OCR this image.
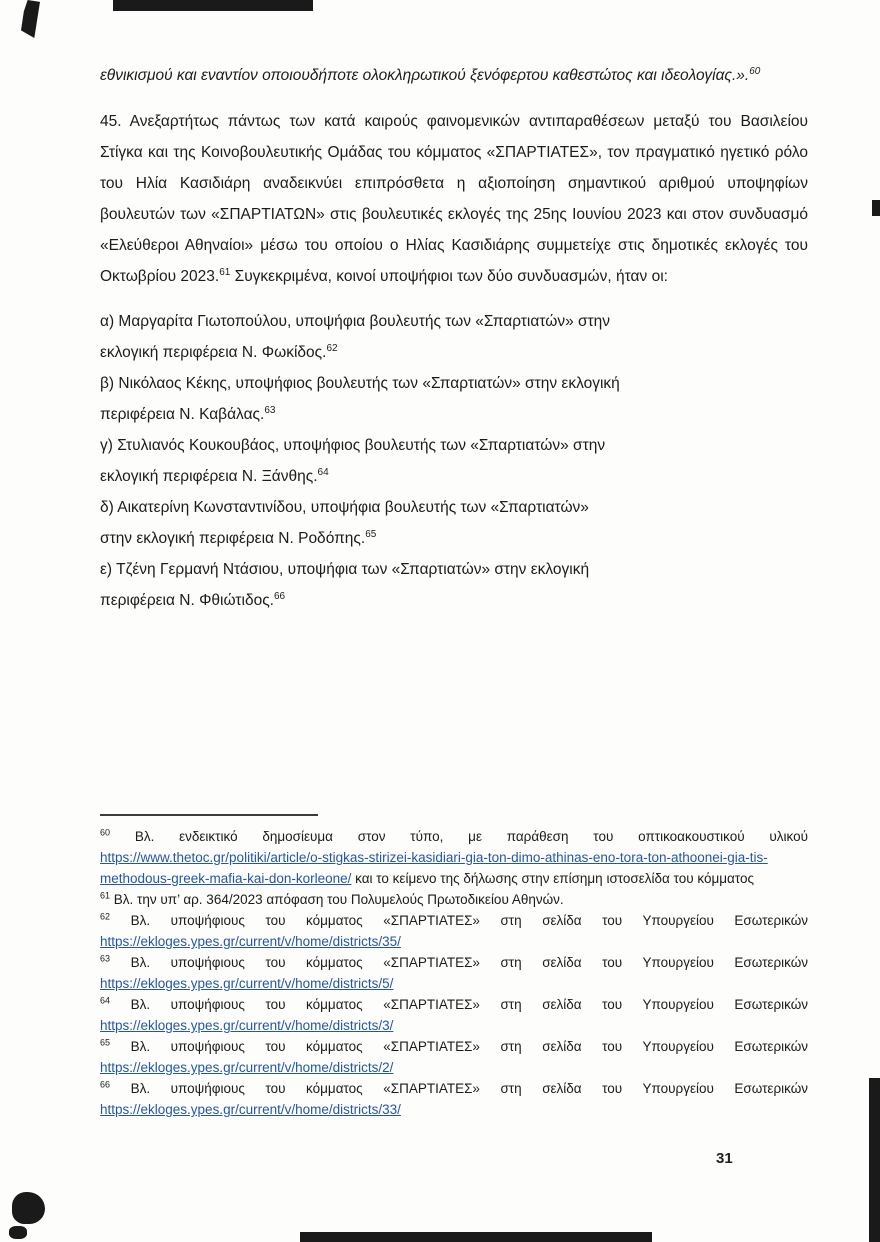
εθνικισμού και εναντίον οποιουδήποτε ολοκληρωτικού ξενόφερτου καθεστώτος και ιδεολογίας.».$^{60}$

45. Ανεξαρτήτως πάντως των κατά καιρούς φαινομενικών αντιπαραθέσεων μεταξύ του Βασιλείου Στίγκα και της Κοινοβουλευτικής Ομάδας του κόμματος «ΣΠΑΡΤΙΑΤΕΣ», τον πραγματικό ηγετικό ρόλο του Ηλία Κασιδιάρη αναδεικνύει επιπρόσθετα η αξιοποίηση σημαντικού αριθμού υποψηφίων βουλευτών των «ΣΠΑΡΤΙΑΤΩΝ» στις βουλευτικές εκλογές της 25ης Ιουνίου 2023 και στον συνδυασμό «Ελεύθεροι Αθηναίοι» μέσω του οποίου ο Ηλίας Κασιδιάρης συμμετείχε στις δημοτικές εκλογές του Οκτωβρίου 2023.61 Συγκεκριμένα, κοινοί υποψήφιοι των δύο συνδυασμών, ήταν οι:

α) Μαργαρίτα Γιωτοπούλου, υποψήφια βουλευτής των «Σπαρτιατών» στην
εκλογική περιφέρεια Ν. Φωκίδος.$^{62}$
β) Νικόλαος Κέκης, υποψήφιος βουλευτής των «Σπαρτιατών» στην εκλογική
περιφέρεια Ν. Καβάλας.$^{63}$
γ) Στυλιανός Κουκουβάος, υποψήφιος βουλευτής των «Σπαρτιατών» στην
εκλογική περιφέρεια Ν. Ξάνθης.$^{64}$
δ) Αικατερίνη Κωνσταντινίδου, υποψήφια βουλευτής των «Σπαρτιατών»
στην εκλογική περιφέρεια Ν. Ροδόπης.$^{65}$
ε) Τζένη Γερμανή Ντάσιου, υποψήφια των «Σπαρτιατών» στην εκλογική
περιφέρεια Ν. Φθιώτιδος.$^{66}$
$^{60}$ Βλ. ενδεικτικό δημοσίευμα στον τύπο, με παράθεση του οπτικοακουστικού υλικού https://www.thetoc.gr/politiki/article/o-stigkas-stirizei-kasidiari-gia-ton-dimo-athinas-eno-tora-ton-athoonei-gia-tis-methodous-greek-mafia-kai-don-korleone/ και το κείμενο της δήλωσης στην επίσημη ιστοσελίδα του κόμματος
$^{61}$ Βλ. την υπ’ αρ. 364/2023 απόφαση του Πολυμελούς Πρωτοδικείου Αθηνών.
$^{62}$ Βλ. υποψήφιους του κόμματος «ΣΠΑΡΤΙΑΤΕΣ» στη σελίδα του Υπουργείου Εσωτερικών https://ekloges.ypes.gr/current/v/home/districts/35/
$^{63}$ Βλ. υποψήφιους του κόμματος «ΣΠΑΡΤΙΑΤΕΣ» στη σελίδα του Υπουργείου Εσωτερικών https://ekloges.ypes.gr/current/v/home/districts/5/
$^{64}$ Βλ. υποψήφιους του κόμματος «ΣΠΑΡΤΙΑΤΕΣ» στη σελίδα του Υπουργείου Εσωτερικών https://ekloges.ypes.gr/current/v/home/districts/3/
$^{65}$ Βλ. υποψήφιους του κόμματος «ΣΠΑΡΤΙΑΤΕΣ» στη σελίδα του Υπουργείου Εσωτερικών https://ekloges.ypes.gr/current/v/home/districts/2/
$^{66}$ Βλ. υποψήφιους του κόμματος «ΣΠΑΡΤΙΑΤΕΣ» στη σελίδα του Υπουργείου Εσωτερικών https://ekloges.ypes.gr/current/v/home/districts/33/
31
